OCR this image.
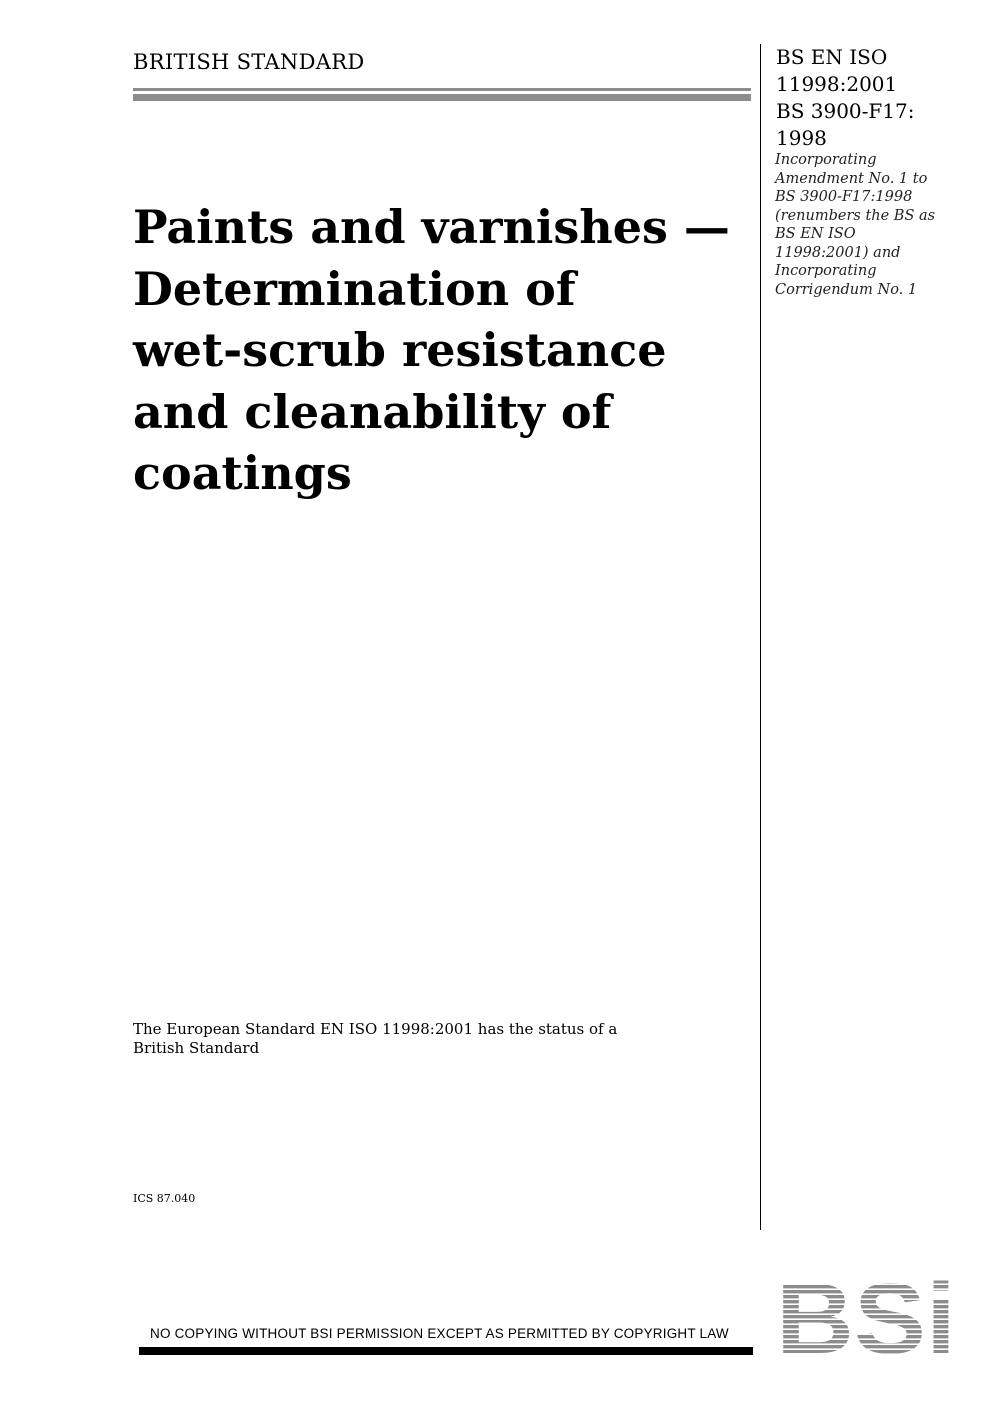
BRITISH STANDARD	BS EN ISO
11998:2001
BS 3900-F17:
1998
Incorporating
Amendment No. 1 to
BS 3900-F17:1998
(renumbers the BS as
BS EN ISO
11998:2001) and
Incorporating
Corrigendum No. 1
Paints and varnishes —
Determination of
wet-scrub resistance
and cleanability of
coatings
The European Standard EN ISO 11998:2001 has the status of a
British Standard
ICS 87.040
NO COPYING WITHOUT BSI PERMISSION EXCEPT AS PERMITTED BY COPYRIGHT LAW BSi
